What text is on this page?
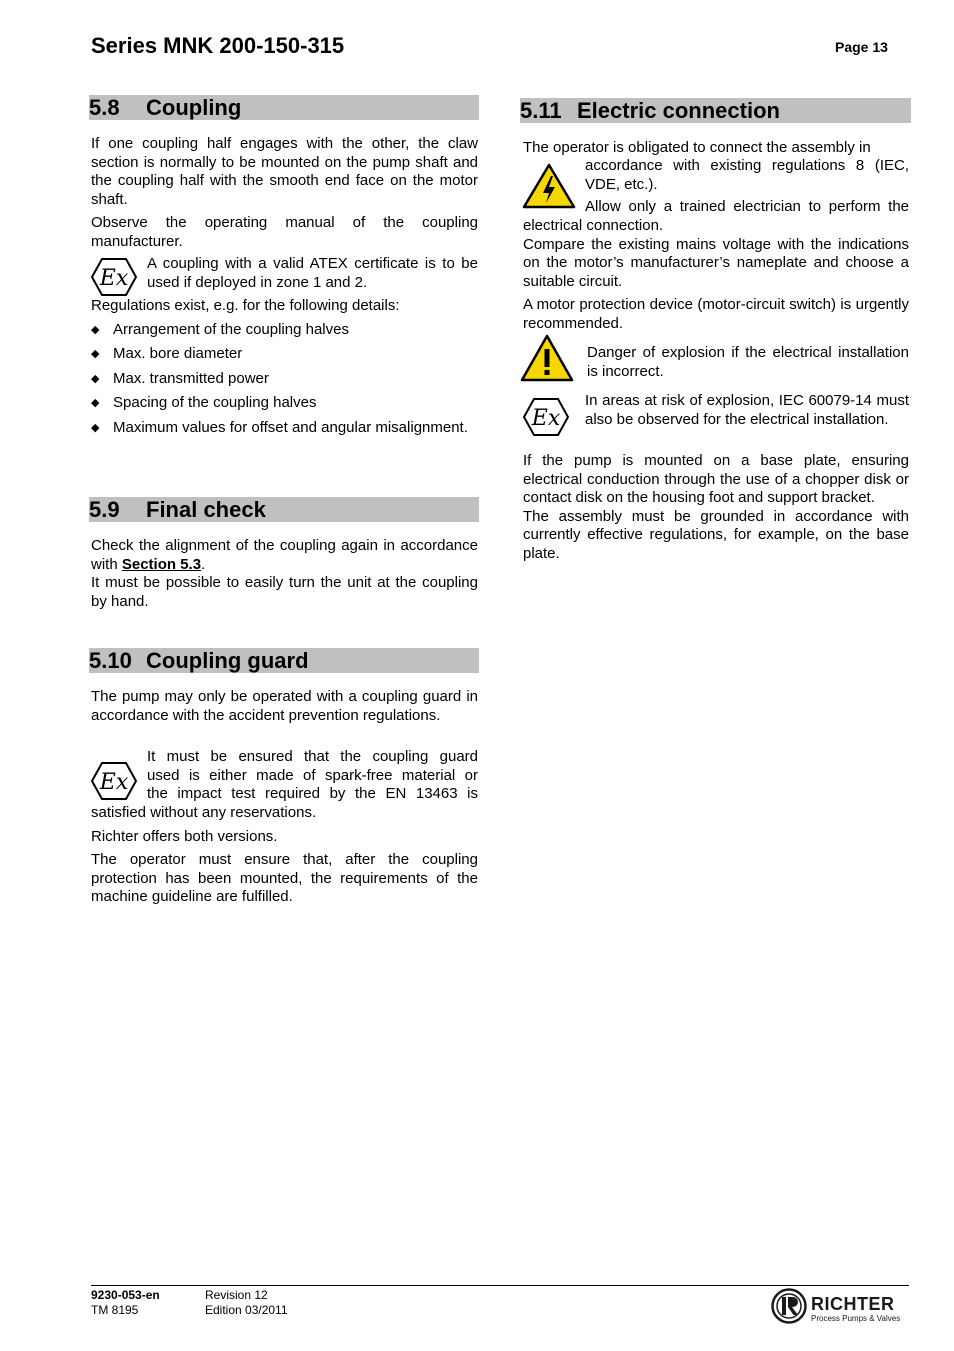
Series MNK 200-150-315	Page 13
5.8 Coupling

If one coupling half engages with the other, the claw section is normally to be mounted on the pump shaft and the coupling half with the smooth end face on the motor shaft.

Observe the operating manual of the coupling manufacturer.

Ex

A coupling with a valid ATEX certificate is to be used if deployed in zone 1 and 2.

Regulations exist, e.g. for the following details:

◆ Arrangement of the coupling halves
◆ Max. bore diameter
◆ Max. transmitted power
◆ Spacing of the coupling halves
◆ Maximum values for offset and angular misalignment.
5.9 Final check

Check the alignment of the coupling again in accordance with Section 5.3.

It must be possible to easily turn the unit at the coupling by hand.

5.10 Coupling guard

The pump may only be operated with a coupling guard in accordance with the accident prevention regulations.

Ex

It must be ensured that the coupling guard

used is either made of spark-free material or

the impact test required by the EN 13463 is

satisfied without any reservations.

Richter offers both versions.

The operator must ensure that, after the coupling protection has been mounted, the requirements of the machine guideline are fulfilled.

5.11 Electric connection

The operator is obligated to connect the assembly in

accordance with existing regulations 8 (IEC,

VDE, etc.).

Allow only a trained electrician to perform the

electrical connection.

Compare the existing mains voltage with the indications on the motor’s manufacturer’s nameplate and choose a suitable circuit.

A motor protection device (motor-circuit switch) is urgently recommended.

Danger of explosion if the electrical installation is incorrect.

Ex

In areas at risk of explosion, IEC 60079-14 must also be observed for the electrical installation.

If the pump is mounted on a base plate, ensuring electrical conduction through the use of a chopper disk or contact disk on the housing foot and support bracket.

The assembly must be grounded in accordance with currently effective regulations, for example, on the base plate.

9230-053-en
TM 8195
Revision 12
Edition 03/2011	RICHTER
Process Pumps & Valves
